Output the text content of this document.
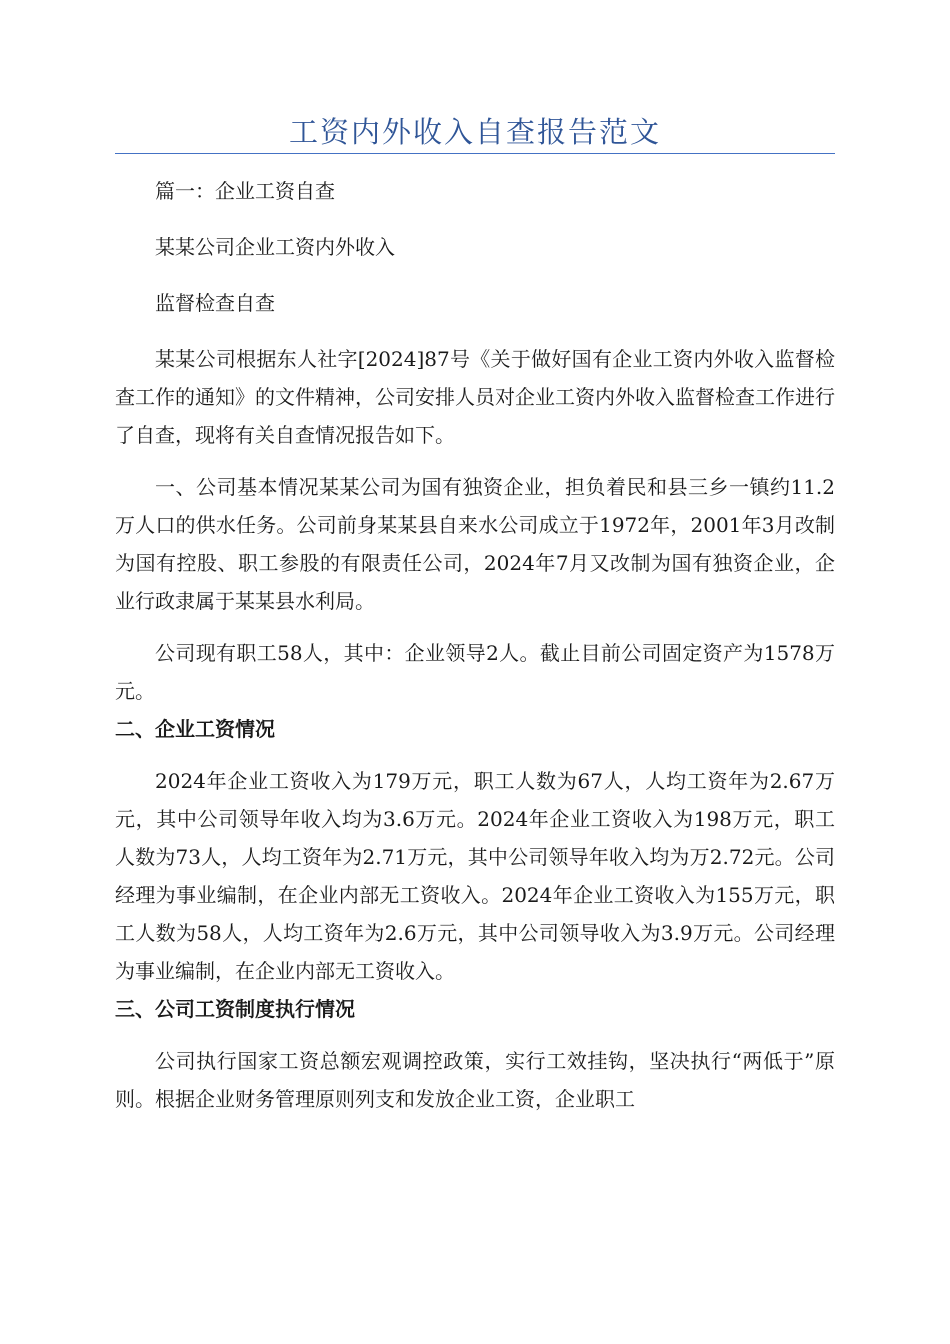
工资内外收入自查报告范文

篇一：企业工资自查

某某公司企业工资内外收入

监督检查自查

某某公司根据东人社字[2024]87号《关于做好国有企业工资内外收入监督检查工作的通知》的文件精神，公司安排人员对企业工资内外收入监督检查工作进行了自查，现将有关自查情况报告如下。

一、公司基本情况某某公司为国有独资企业，担负着民和县三乡一镇约11.2万人口的供水任务。公司前身某某县自来水公司成立于1972年，2001年3月改制为国有控股、职工参股的有限责任公司，2024年7月又改制为国有独资企业，企业行政隶属于某某县水利局。

公司现有职工58人，其中：企业领导2人。截止目前公司固定资产为1578万元。

二、企业工资情况

2024年企业工资收入为179万元，职工人数为67人，人均工资年为2.67万元，其中公司领导年收入均为3.6万元。2024年企业工资收入为198万元，职工人数为73人，人均工资年为2.71万元，其中公司领导年收入均为万2.72元。公司经理为事业编制，在企业内部无工资收入。2024年企业工资收入为155万元，职工人数为58人，人均工资年为2.6万元，其中公司领导收入为3.9万元。公司经理为事业编制，在企业内部无工资收入。

三、公司工资制度执行情况

公司执行国家工资总额宏观调控政策，实行工效挂钩，坚决执行“两低于”原则。根据企业财务管理原则列支和发放企业工资，企业职工
